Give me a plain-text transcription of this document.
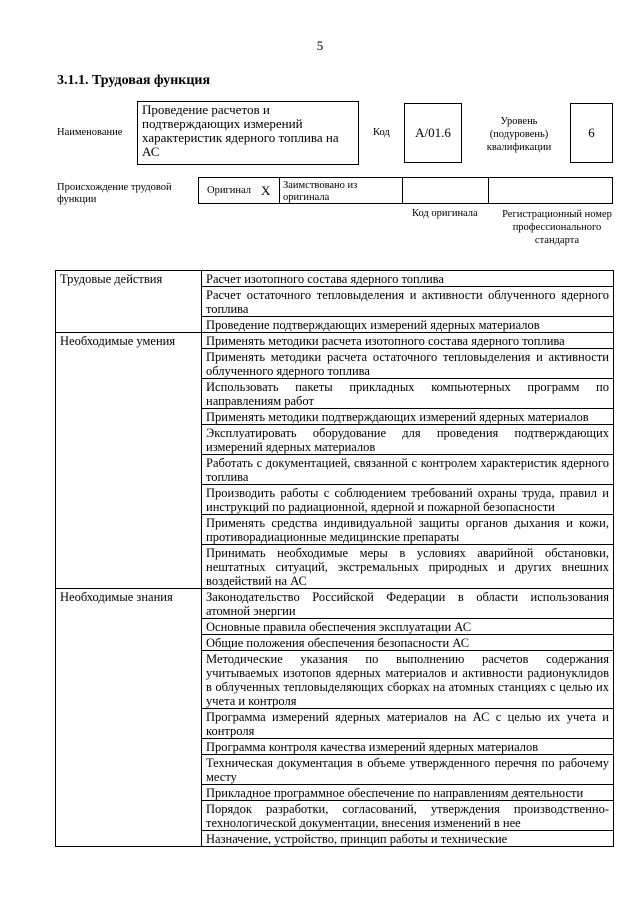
5
3.1.1. Трудовая функция
Наименование
Проведение расчетов и подтверждающих измерений характеристик ядерного топлива на АС
Код	А/01.6
Уровень (подуровень) квалификации
6
Происхождение трудовой функции
Оригинал X Заимствовано из оригинала
Код оригинала	Регистрационный номер профессионального стандарта
Трудовые действия	Расчет изотопного состава ядерного топлива
	Расчет остаточного тепловыделения и активности облученного ядерного топлива
	Проведение подтверждающих измерений ядерных материалов
Необходимые умения	Применять методики расчета изотопного состава ядерного топлива
	Применять методики расчета остаточного тепловыделения и активности облученного ядерного топлива
	Использовать пакеты прикладных компьютерных программ по направлениям работ
	Применять методики подтверждающих измерений ядерных материалов
	Эксплуатировать оборудование для проведения подтверждающих измерений ядерных материалов
	Работать с документацией, связанной с контролем характеристик ядерного топлива
	Производить работы с соблюдением требований охраны труда, правил и инструкций по радиационной, ядерной и пожарной безопасности
	Применять средства индивидуальной защиты органов дыхания и кожи, противорадиационные медицинские препараты
	Принимать необходимые меры в условиях аварийной обстановки, нештатных ситуаций, экстремальных природных и других внешних воздействий на АС
Необходимые знания	Законодательство Российской Федерации в области использования атомной энергии
	Основные правила обеспечения эксплуатации АС
	Общие положения обеспечения безопасности АС
	Методические указания по выполнению расчетов содержания учитываемых изотопов ядерных материалов и активности радионуклидов в облученных тепловыделяющих сборках на атомных станциях с целью их учета и контроля
	Программа измерений ядерных материалов на АС с целью их учета и контроля
	Программа контроля качества измерений ядерных материалов
	Техническая документация в объеме утвержденного перечня по рабочему месту
	Прикладное программное обеспечение по направлениям деятельности
	Порядок разработки, согласований, утверждения производственно-технологической документации, внесения изменений в нее
	Назначение, устройство, принцип работы и технические
